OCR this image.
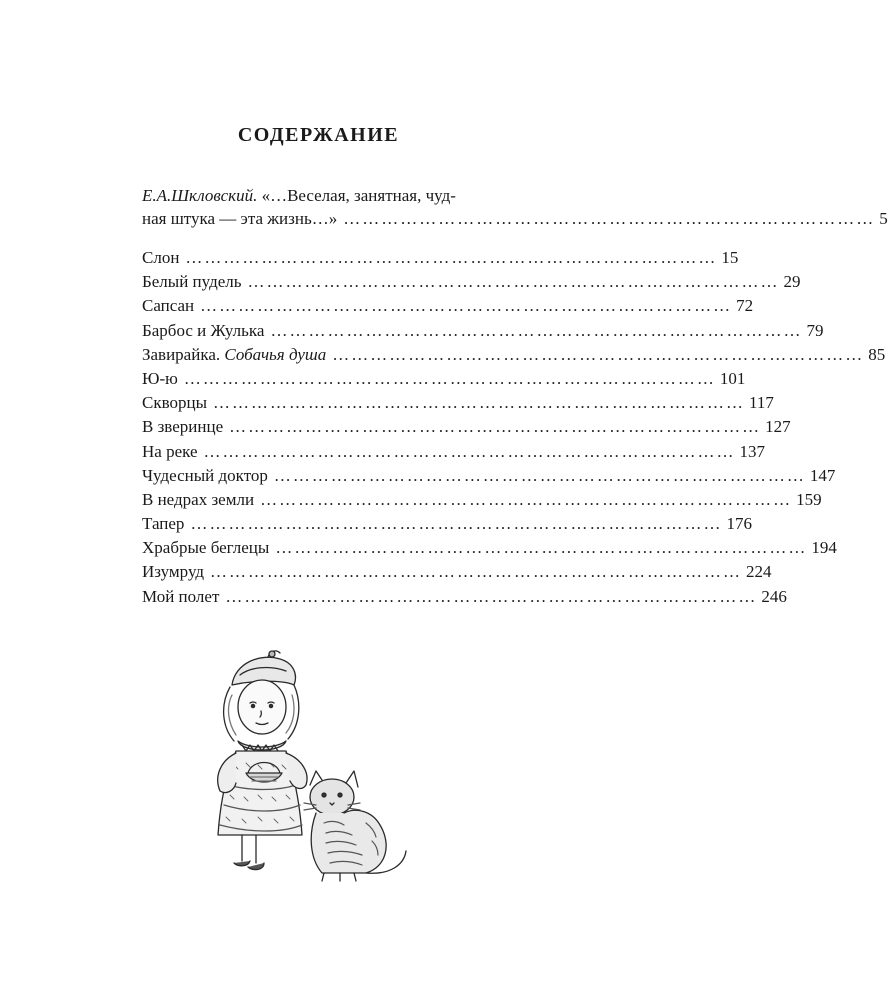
СОДЕРЖАНИЕ
Е.А.Шкловский. «…Веселая, занятная, чуд-
ная штука — эта жизнь…» ………………………………………………………………………… 5
Слон ………………………………………………………………………… 15
Белый пудель ………………………………………………………………………… 29
Сапсан ………………………………………………………………………… 72
Барбос и Жулька ………………………………………………………………………… 79
Завирайка. Собачья душа ………………………………………………………………………… 85
Ю-ю ………………………………………………………………………… 101
Скворцы ………………………………………………………………………… 117
В зверинце ………………………………………………………………………… 127
На реке ………………………………………………………………………… 137
Чудесный доктор ………………………………………………………………………… 147
В недрах земли ………………………………………………………………………… 159
Тапер ………………………………………………………………………… 176
Храбрые беглецы ………………………………………………………………………… 194
Изумруд ………………………………………………………………………… 224
Мой полет ………………………………………………………………………… 246
